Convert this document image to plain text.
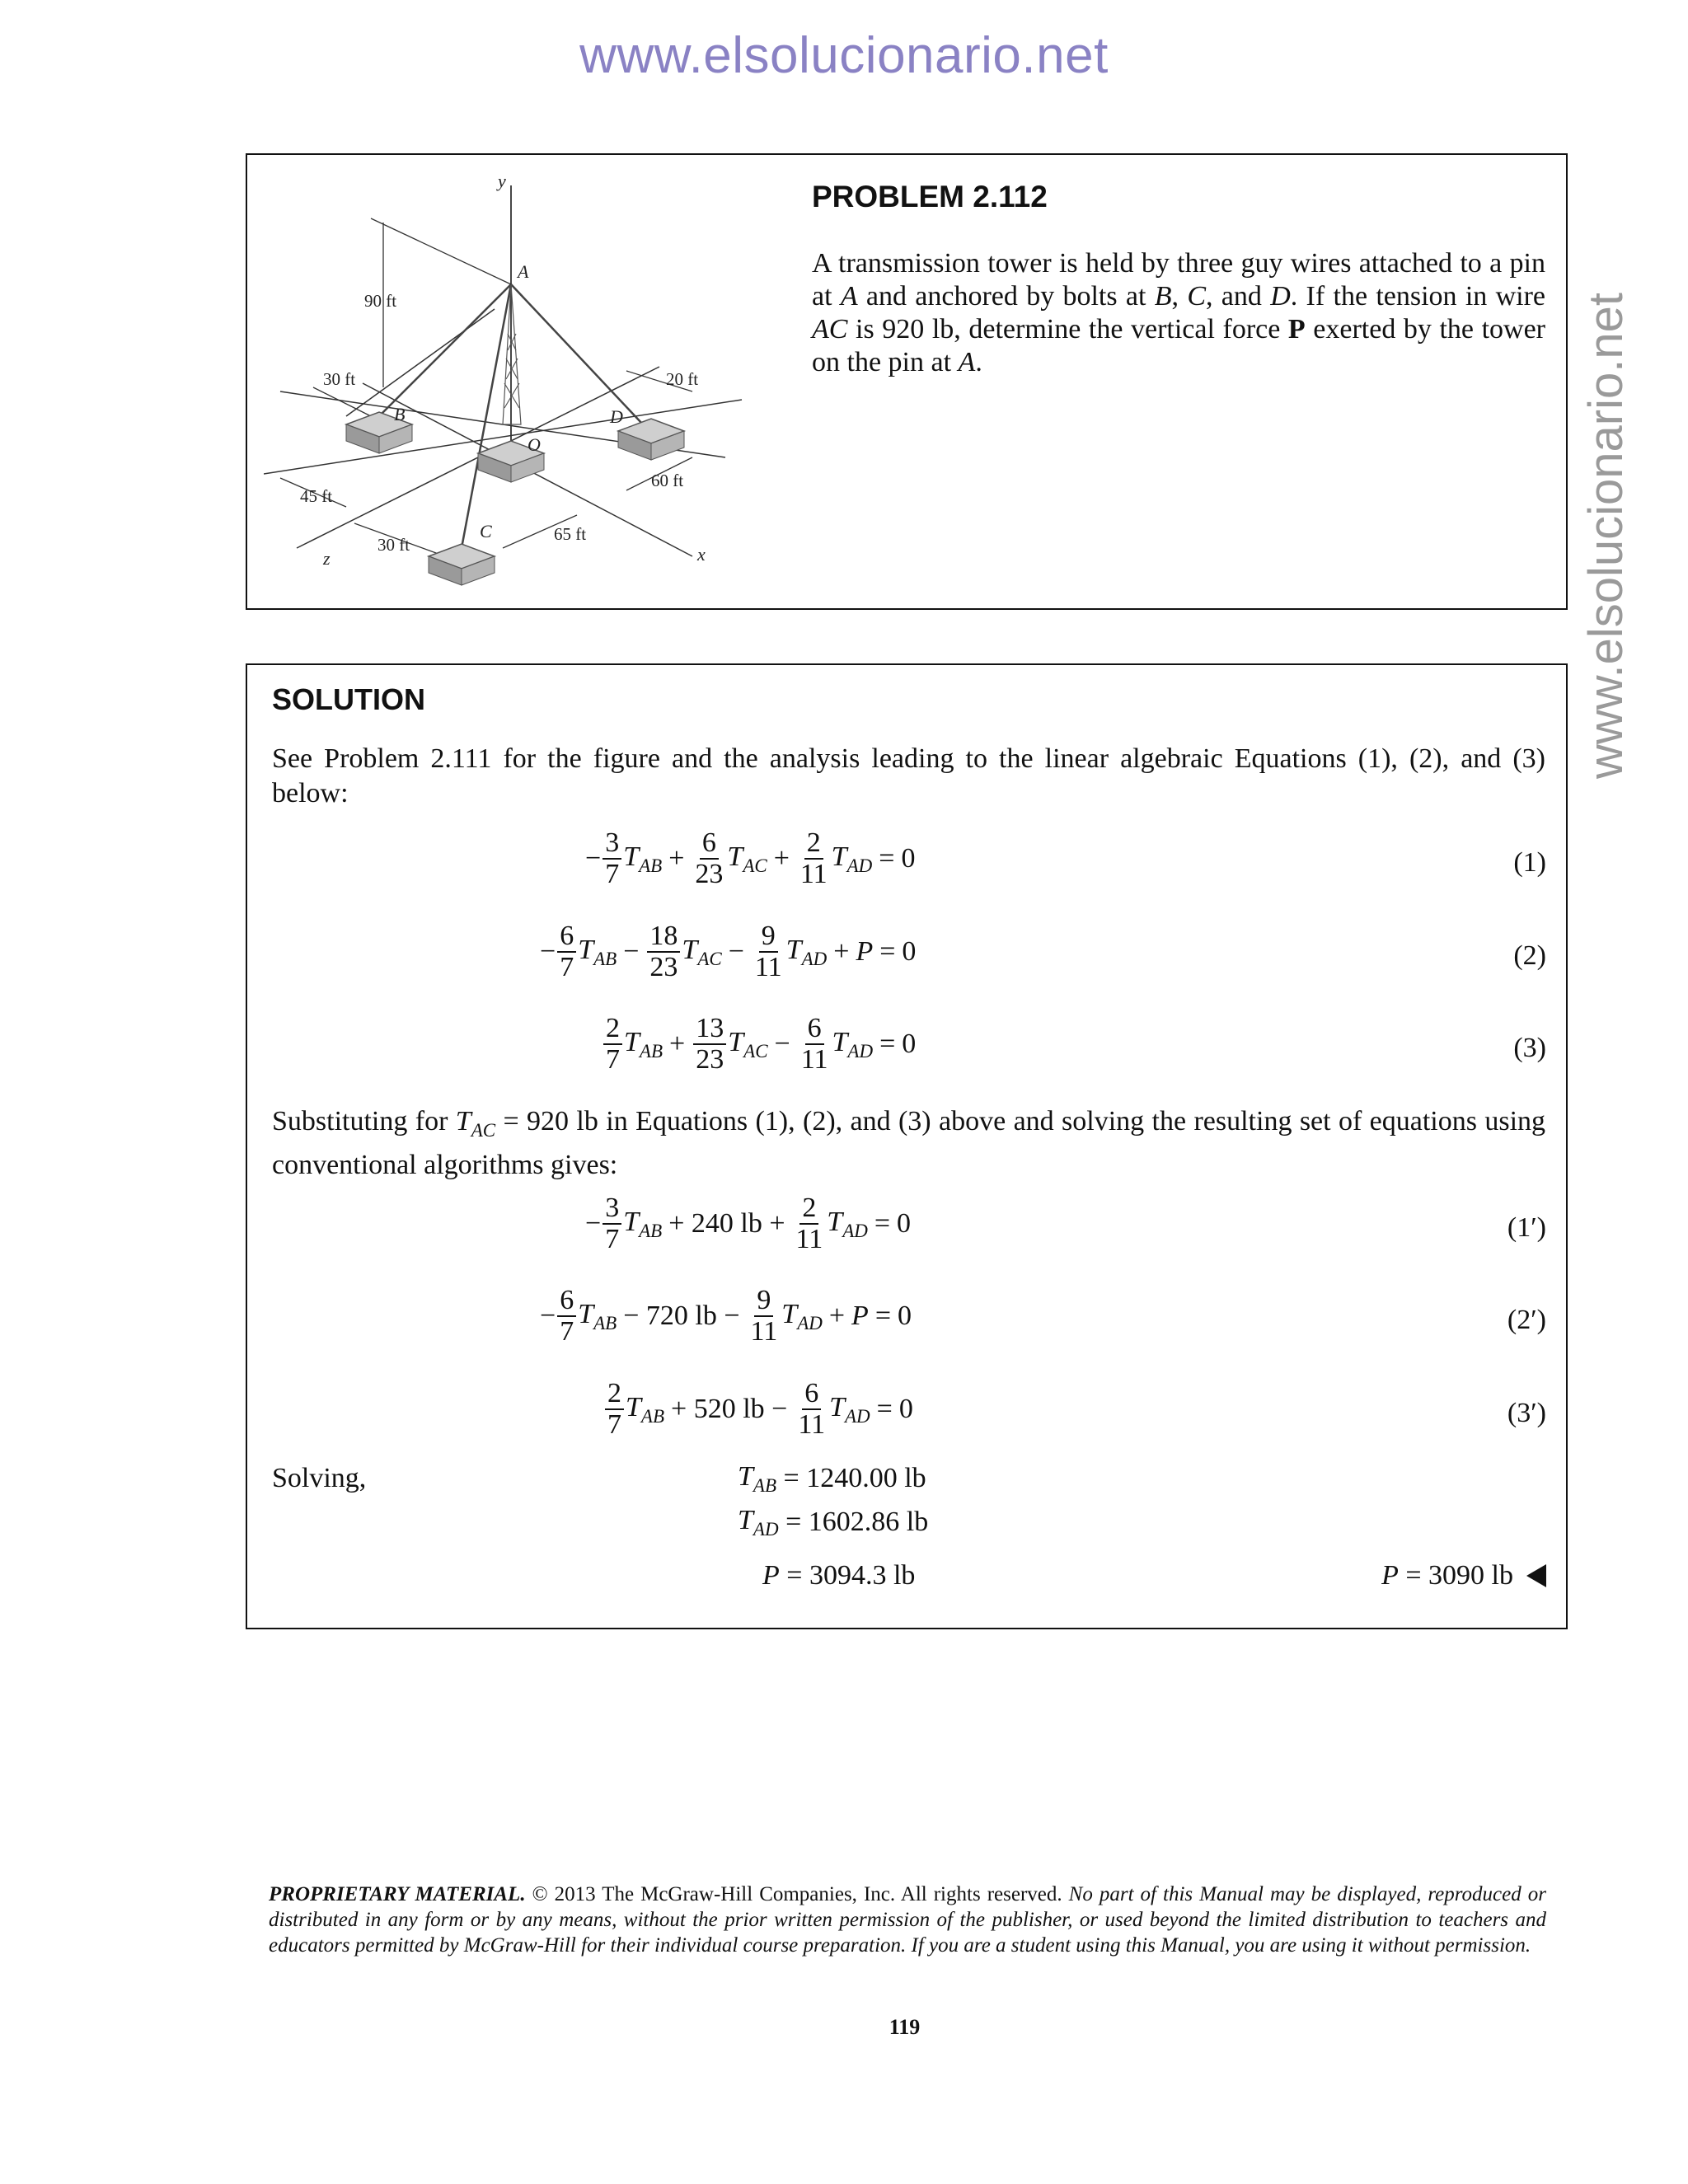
www.elsolucionario.net
www.elsolucionario.net
y
A
B
O
D
C
x
z
90 ft
30 ft	20 ft
45 ft
60 ft
30 ft
65 ft
PROBLEM 2.112
A transmission tower is held by three guy wires attached to a pin at A and anchored by bolts at B, C, and D. If the tension in wire AC is 920 lb, determine the vertical force P exerted by the tower on the pin at A.
SOLUTION
See Problem 2.111 for the figure and the analysis leading to the linear algebraic Equations (1), (2), and (3) below:
− $\frac{3}{7} T_{AB} + \frac{6}{23} T_{AC} + \frac{2}{11} T_{AD} = 0$	(1)
− $\frac{6}{7} T_{AB} - \frac{18}{23} T_{AC} - \frac{9}{11} T_{AD} + P = 0$	(2)
$\frac{2}{7} T_{AB} + \frac{13}{23} T_{AC} - \frac{6}{11} T_{AD} = 0$	(3)
Substituting for $T_{AC} = 920$ lb in Equations (1), (2), and (3) above and solving the resulting set of equations using conventional algorithms gives:
− $\frac{3}{7} T_{AB} + 240$ lb + $\frac{2}{11} T_{AD} = 0$	(1′)
− $\frac{6}{7} T_{AB} - 720$ lb − $\frac{9}{11} T_{AD} + P = 0$	(2′)
$\frac{2}{7} T_{AB} + 520$ lb − $\frac{6}{11} T_{AD} = 0$	(3′)
Solving,	$T_{AB}$
= 1240.00 lb
$T_{AD}$
= 1602.86 lb
P
= 3094.3 lb	P
= 3090 lb
PROPRIETARY MATERIAL. © 2013 The McGraw-Hill Companies, Inc. All rights reserved. No part of this Manual may be displayed, reproduced or distributed in any form or by any means, without the prior written permission of the publisher, or used beyond the limited distribution to teachers and educators permitted by McGraw-Hill for their individual course preparation. If you are a student using this Manual, you are using it without permission.
119
